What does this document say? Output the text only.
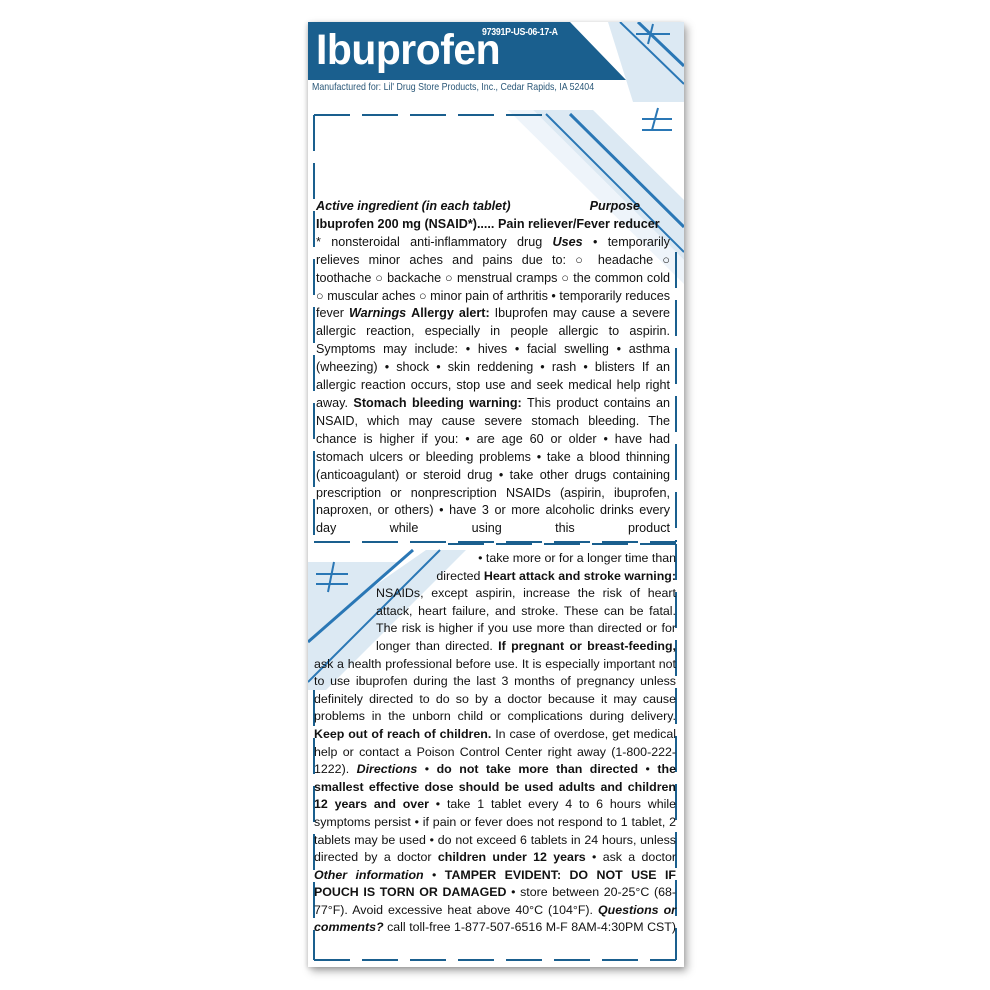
Ibuprofen
97391P-US-06-17-A
Manufactured for: Lil' Drug Store Products, Inc., Cedar Rapids, IA 52404
Active ingredient (in each tablet)	Purpose
Ibuprofen 200 mg (NSAID*)..... Pain reliever/Fever reducer
* nonsteroidal anti-inflammatory drug Uses • temporarily relieves minor aches and pains due to: ○ headache ○ toothache ○ backache ○ menstrual cramps ○ the common cold ○ muscular aches ○ minor pain of arthritis • temporarily reduces fever Warnings Allergy alert: Ibuprofen may cause a severe allergic reaction, especially in people allergic to aspirin. Symptoms may include: • hives • facial swelling • asthma (wheezing) • shock • skin reddening • rash • blisters If an allergic reaction occurs, stop use and seek medical help right away. Stomach bleeding warning: This product contains an NSAID, which may cause severe stomach bleeding. The chance is higher if you: • are age 60 or older • have had stomach ulcers or bleeding problems • take a blood thinning (anticoagulant) or steroid drug • take other drugs containing prescription or nonprescription NSAIDs (aspirin, ibuprofen, naproxen, or others) • have 3 or more alcoholic drinks every day while using this product
• take more or for a longer time than directed Heart attack and stroke warning:
NSAIDs, except aspirin, increase the risk of heart attack, heart failure, and stroke. These can be fatal. The risk is higher if you use more than directed or for longer than directed. If pregnant or breast-feeding,
ask a health professional before use. It is especially important not to use ibuprofen during the last 3 months of pregnancy unless definitely directed to do so by a doctor because it may cause problems in the unborn child or complications during delivery. Keep out of reach of children. In case of overdose, get medical help or contact a Poison Control Center right away (1-800-222-1222). Directions • do not take more than directed • the smallest effective dose should be used adults and children 12 years and over • take 1 tablet every 4 to 6 hours while symptoms persist • if pain or fever does not respond to 1 tablet, 2 tablets may be used • do not exceed 6 tablets in 24 hours, unless directed by a doctor children under 12 years • ask a doctor Other information • TAMPER EVIDENT: DO NOT USE IF POUCH IS TORN OR DAMAGED • store between 20-25°C (68-77°F). Avoid excessive heat above 40°C (104°F). Questions or comments? call toll-free 1-877-507-6516 M-F 8AM-4:30PM CST)
